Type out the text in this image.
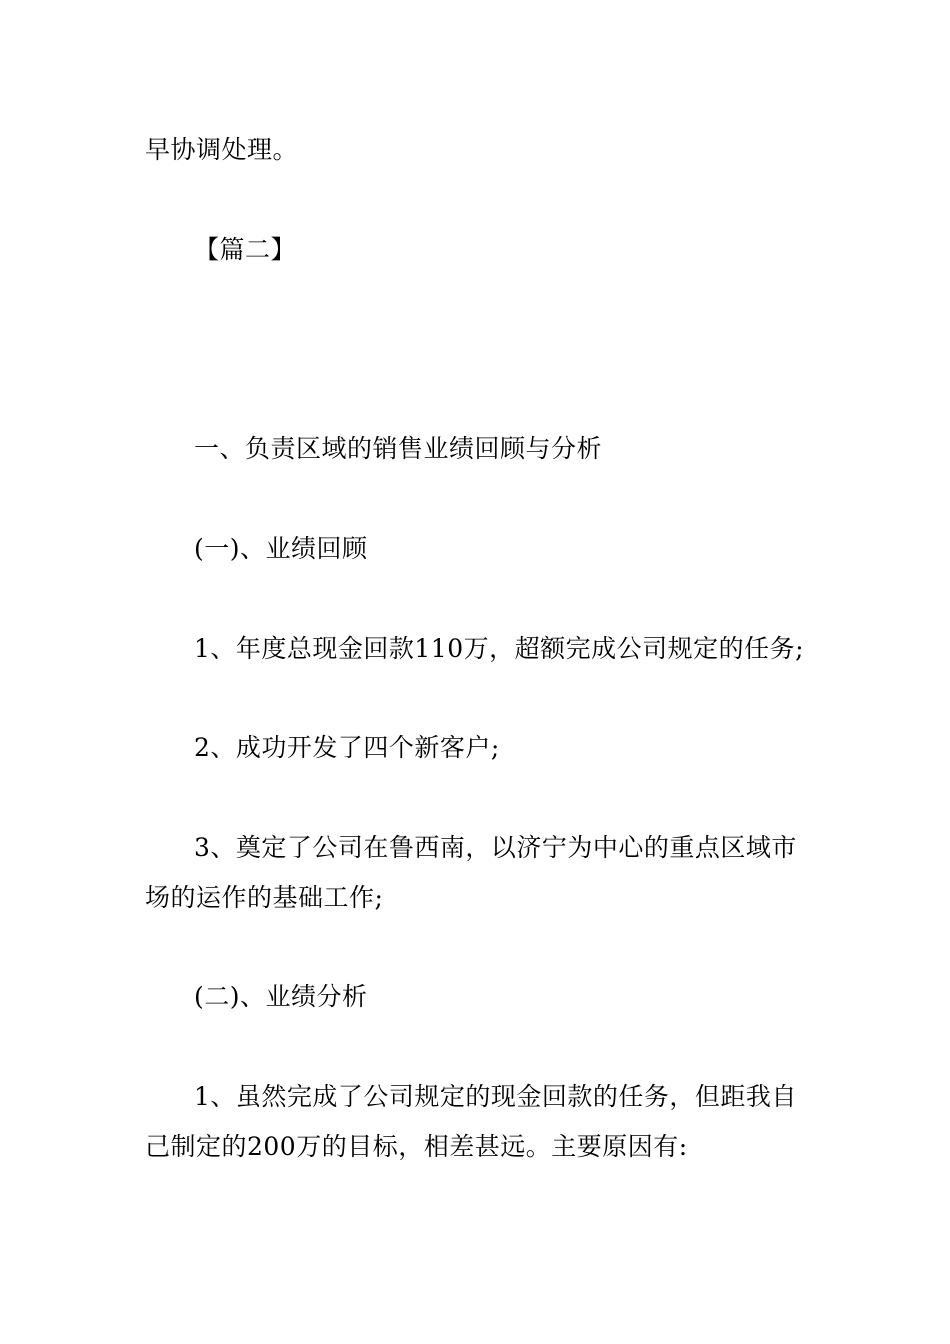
早协调处理。
【篇二】
一、负责区域的销售业绩回顾与分析
(一)、业绩回顾
1、年度总现金回款110万，超额完成公司规定的任务;
2、成功开发了四个新客户;
3、奠定了公司在鲁西南，以济宁为中心的重点区域市
场的运作的基础工作;
(二)、业绩分析
1、虽然完成了公司规定的现金回款的任务，但距我自
己制定的200万的目标，相差甚远。主要原因有:
